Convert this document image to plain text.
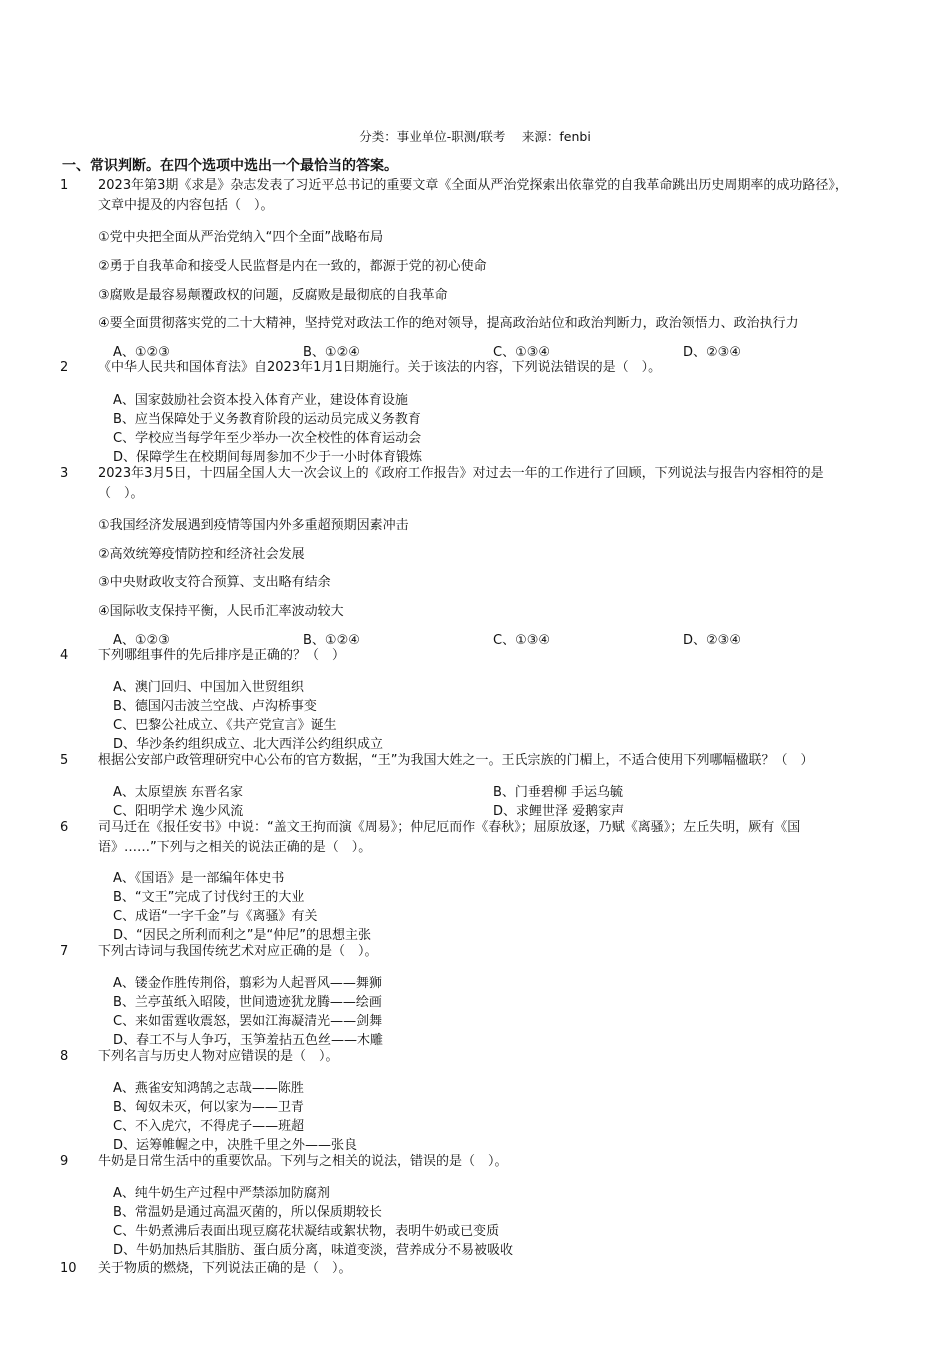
分类：事业单位-职测/联考　 来源：fenbi
一、常识判断。在四个选项中选出一个最恰当的答案。
1 2023年第3期《求是》杂志发表了习近平总书记的重要文章《全面从严治党探索出依靠党的自我革命跳出历史周期率的成功路径》，文章中提及的内容包括（　）。
①党中央把全面从严治党纳入“四个全面”战略布局
②勇于自我革命和接受人民监督是内在一致的，都源于党的初心使命
③腐败是最容易颠覆政权的问题，反腐败是最彻底的自我革命
④要全面贯彻落实党的二十大精神，坚持党对政法工作的绝对领导，提高政治站位和政治判断力，政治领悟力、政治执行力
A、①②③	B、①②④	C、①③④	D、②③④
2 《中华人民共和国体育法》自2023年1月1日期施行。关于该法的内容，下列说法错误的是（　）。
A、国家鼓励社会资本投入体育产业，建设体育设施
B、应当保障处于义务教育阶段的运动员完成义务教育
C、学校应当每学年至少举办一次全校性的体育运动会
D、保障学生在校期间每周参加不少于一小时体育锻炼
3 2023年3月5日，十四届全国人大一次会议上的《政府工作报告》对过去一年的工作进行了回顾，下列说法与报告内容相符的是（　）。
①我国经济发展遇到疫情等国内外多重超预期因素冲击
②高效统筹疫情防控和经济社会发展
③中央财政收支符合预算、支出略有结余
④国际收支保持平衡，人民币汇率波动较大
A、①②③	B、①②④	C、①③④	D、②③④
4 下列哪组事件的先后排序是正确的？（　）
A、澳门回归、中国加入世贸组织
B、德国闪击波兰空战、卢沟桥事变
C、巴黎公社成立、《共产党宣言》诞生
D、华沙条约组织成立、北大西洋公约组织成立
5 根据公安部户政管理研究中心公布的官方数据，“王”为我国大姓之一。王氏宗族的门楣上，不适合使用下列哪幅楹联？（　）
A、太原望族 东晋名家	B、门垂碧柳 手运乌毓
C、阳明学术 逸少风流	D、求鲤世泽 爱鹅家声
6 司马迁在《报任安书》中说：“盖文王拘而演《周易》；仲尼厄而作《春秋》；屈原放逐，乃赋《离骚》；左丘失明，厥有《国语》……”下列与之相关的说法正确的是（　）。
A、《国语》是一部编年体史书
B、“文王”完成了讨伐纣王的大业
C、成语“一字千金”与《离骚》有关
D、“因民之所利而利之”是“仲尼”的思想主张
7 下列古诗词与我国传统艺术对应正确的是（　）。
A、镂金作胜传荆俗，翦彩为人起晋风——舞狮
B、兰亭茧纸入昭陵，世间遗迹犹龙腾——绘画
C、来如雷霆收震怒，罢如江海凝清光——剑舞
D、春工不与人争巧，玉笋羞拈五色丝——木雕
8 下列名言与历史人物对应错误的是（　）。
A、燕雀安知鸿鹄之志哉——陈胜
B、匈奴未灭，何以家为——卫青
C、不入虎穴，不得虎子——班超
D、运筹帷幄之中，决胜千里之外——张良
9 牛奶是日常生活中的重要饮品。下列与之相关的说法，错误的是（　）。
A、纯牛奶生产过程中严禁添加防腐剂
B、常温奶是通过高温灭菌的，所以保质期较长
C、牛奶煮沸后表面出现豆腐花状凝结或絮状物，表明牛奶或已变质
D、牛奶加热后其脂肪、蛋白质分离，味道变淡，营养成分不易被吸收
10 关于物质的燃烧，下列说法正确的是（　）。
